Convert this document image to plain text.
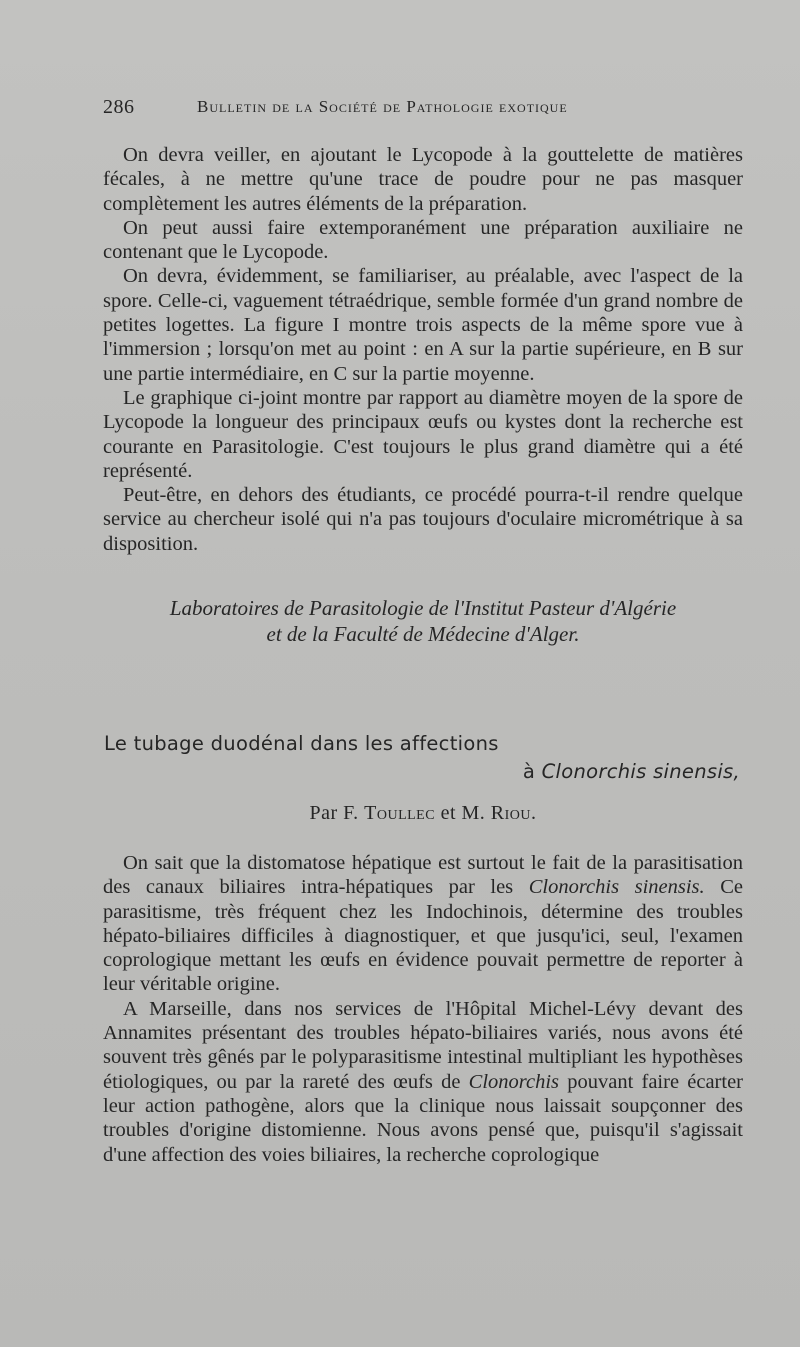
286	Bulletin de la Société de Pathologie exotique

On devra veiller, en ajoutant le Lycopode à la gouttelette de matières fécales, à ne mettre qu'une trace de poudre pour ne pas masquer complètement les autres éléments de la préparation.

On peut aussi faire extemporanément une préparation auxiliaire ne contenant que le Lycopode.

On devra, évidemment, se familiariser, au préalable, avec l'aspect de la spore. Celle-ci, vaguement tétraédrique, semble formée d'un grand nombre de petites logettes. La figure I montre trois aspects de la même spore vue à l'immersion ; lorsqu'on met au point : en A sur la partie supérieure, en B sur une partie intermédiaire, en C sur la partie moyenne.

Le graphique ci-joint montre par rapport au diamètre moyen de la spore de Lycopode la longueur des principaux œufs ou kystes dont la recherche est courante en Parasitologie. C'est toujours le plus grand diamètre qui a été représenté.

Peut-être, en dehors des étudiants, ce procédé pourra-t-il rendre quelque service au chercheur isolé qui n'a pas toujours d'oculaire micrométrique à sa disposition.

Laboratoires de Parasitologie de l'Institut Pasteur d'Algérie
et de la Faculté de Médecine d'Alger.
Le tubage duodénal dans les affections
à Clonorchis sinensis,
Par F. Toullec et M. Riou.

On sait que la distomatose hépatique est surtout le fait de la parasitisation des canaux biliaires intra-hépatiques par les Clonorchis sinensis. Ce parasitisme, très fréquent chez les Indochinois, détermine des troubles hépato-biliaires difficiles à diagnostiquer, et que jusqu'ici, seul, l'examen coprologique mettant les œufs en évidence pouvait permettre de reporter à leur véritable origine.

A Marseille, dans nos services de l'Hôpital Michel-Lévy devant des Annamites présentant des troubles hépato-biliaires variés, nous avons été souvent très gênés par le polyparasitisme intestinal multipliant les hypothèses étiologiques, ou par la rareté des œufs de Clonorchis pouvant faire écarter leur action pathogène, alors que la clinique nous laissait soupçonner des troubles d'origine distomienne. Nous avons pensé que, puisqu'il s'agissait d'une affection des voies biliaires, la recherche coprologique
